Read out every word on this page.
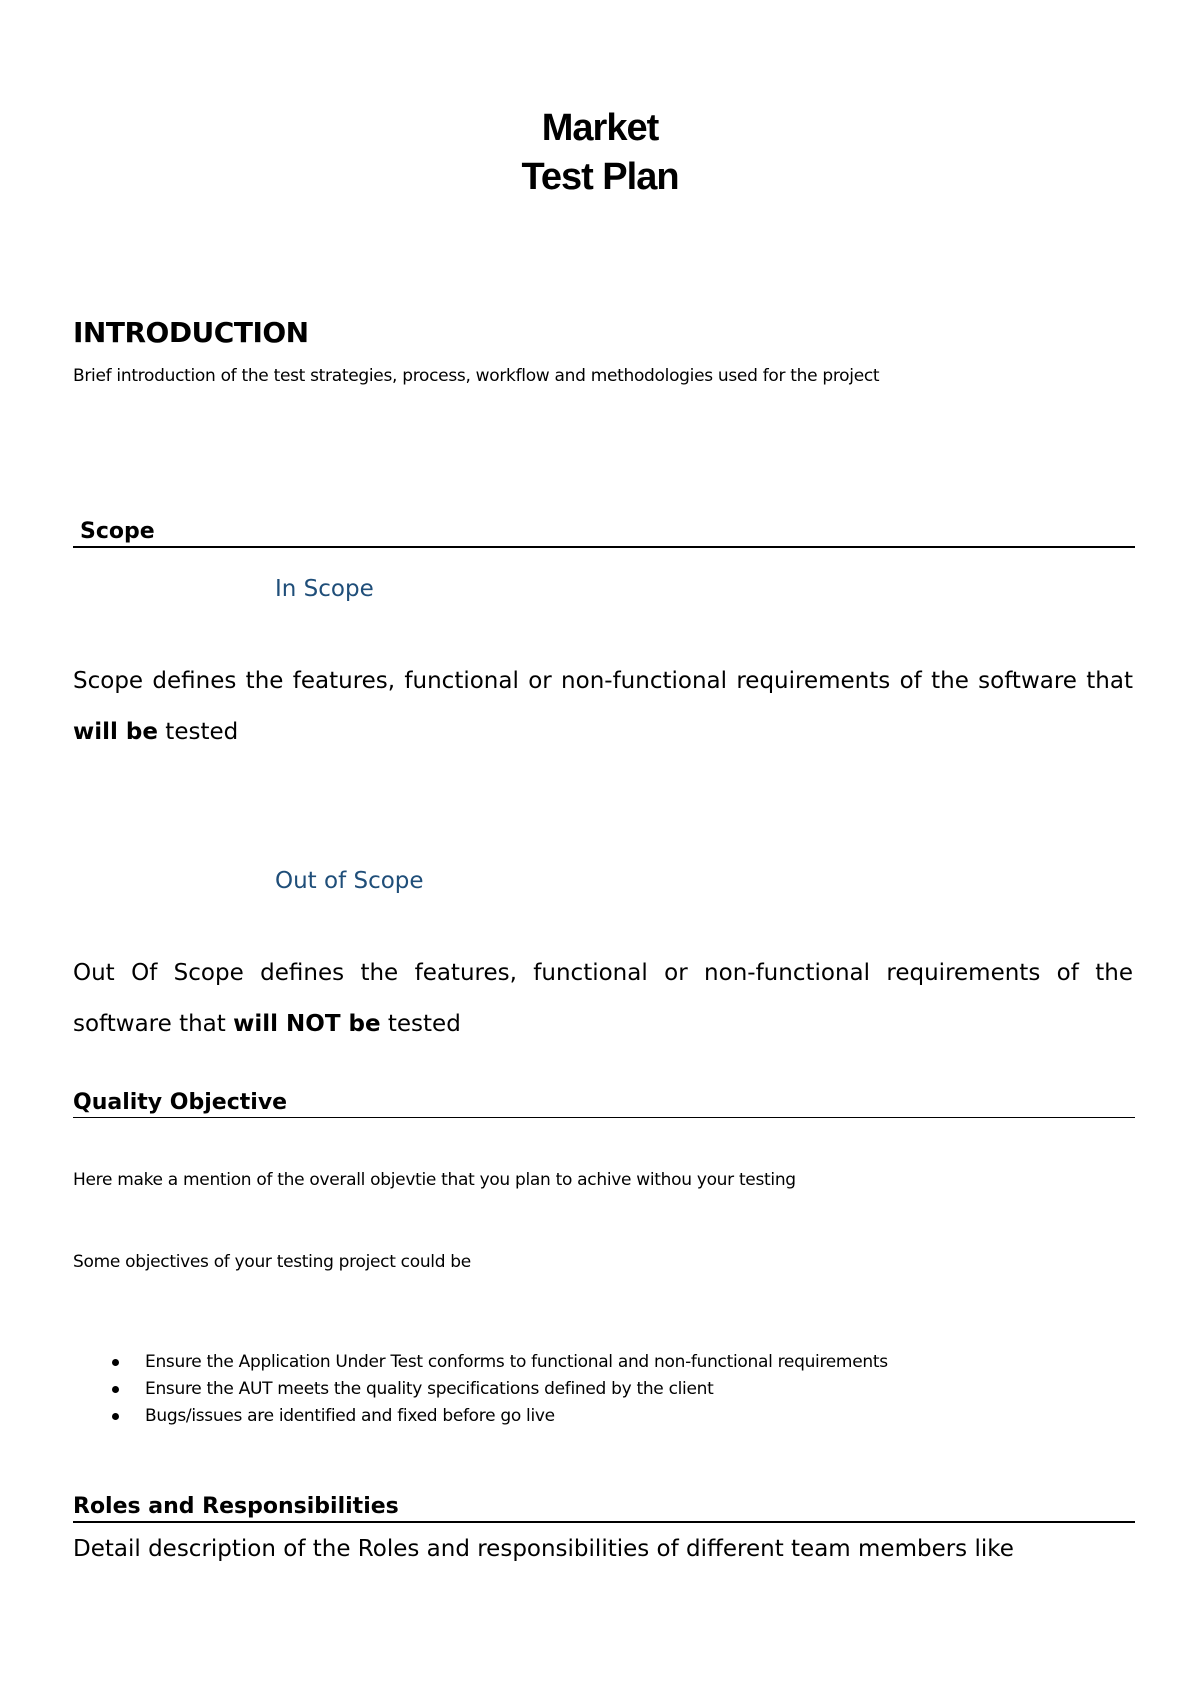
Market
Test Plan
INTRODUCTION
Brief introduction of the test strategies, process, workflow and methodologies used for the project
Scope
In Scope
Scope defines the features, functional or non-functional requirements of the software that will be tested
Out of Scope
Out Of Scope defines the features, functional or non-functional requirements of the software that will NOT be tested
Quality Objective
Here make a mention of the overall objevtie that you plan to achive withou your testing
Some objectives of your testing project could be
Ensure the Application Under Test conforms to functional and non-functional requirements
Ensure the AUT meets the quality specifications defined by the client
Bugs/issues are identified and fixed before go live
Roles and Responsibilities
Detail description of the Roles and responsibilities of different team members like
